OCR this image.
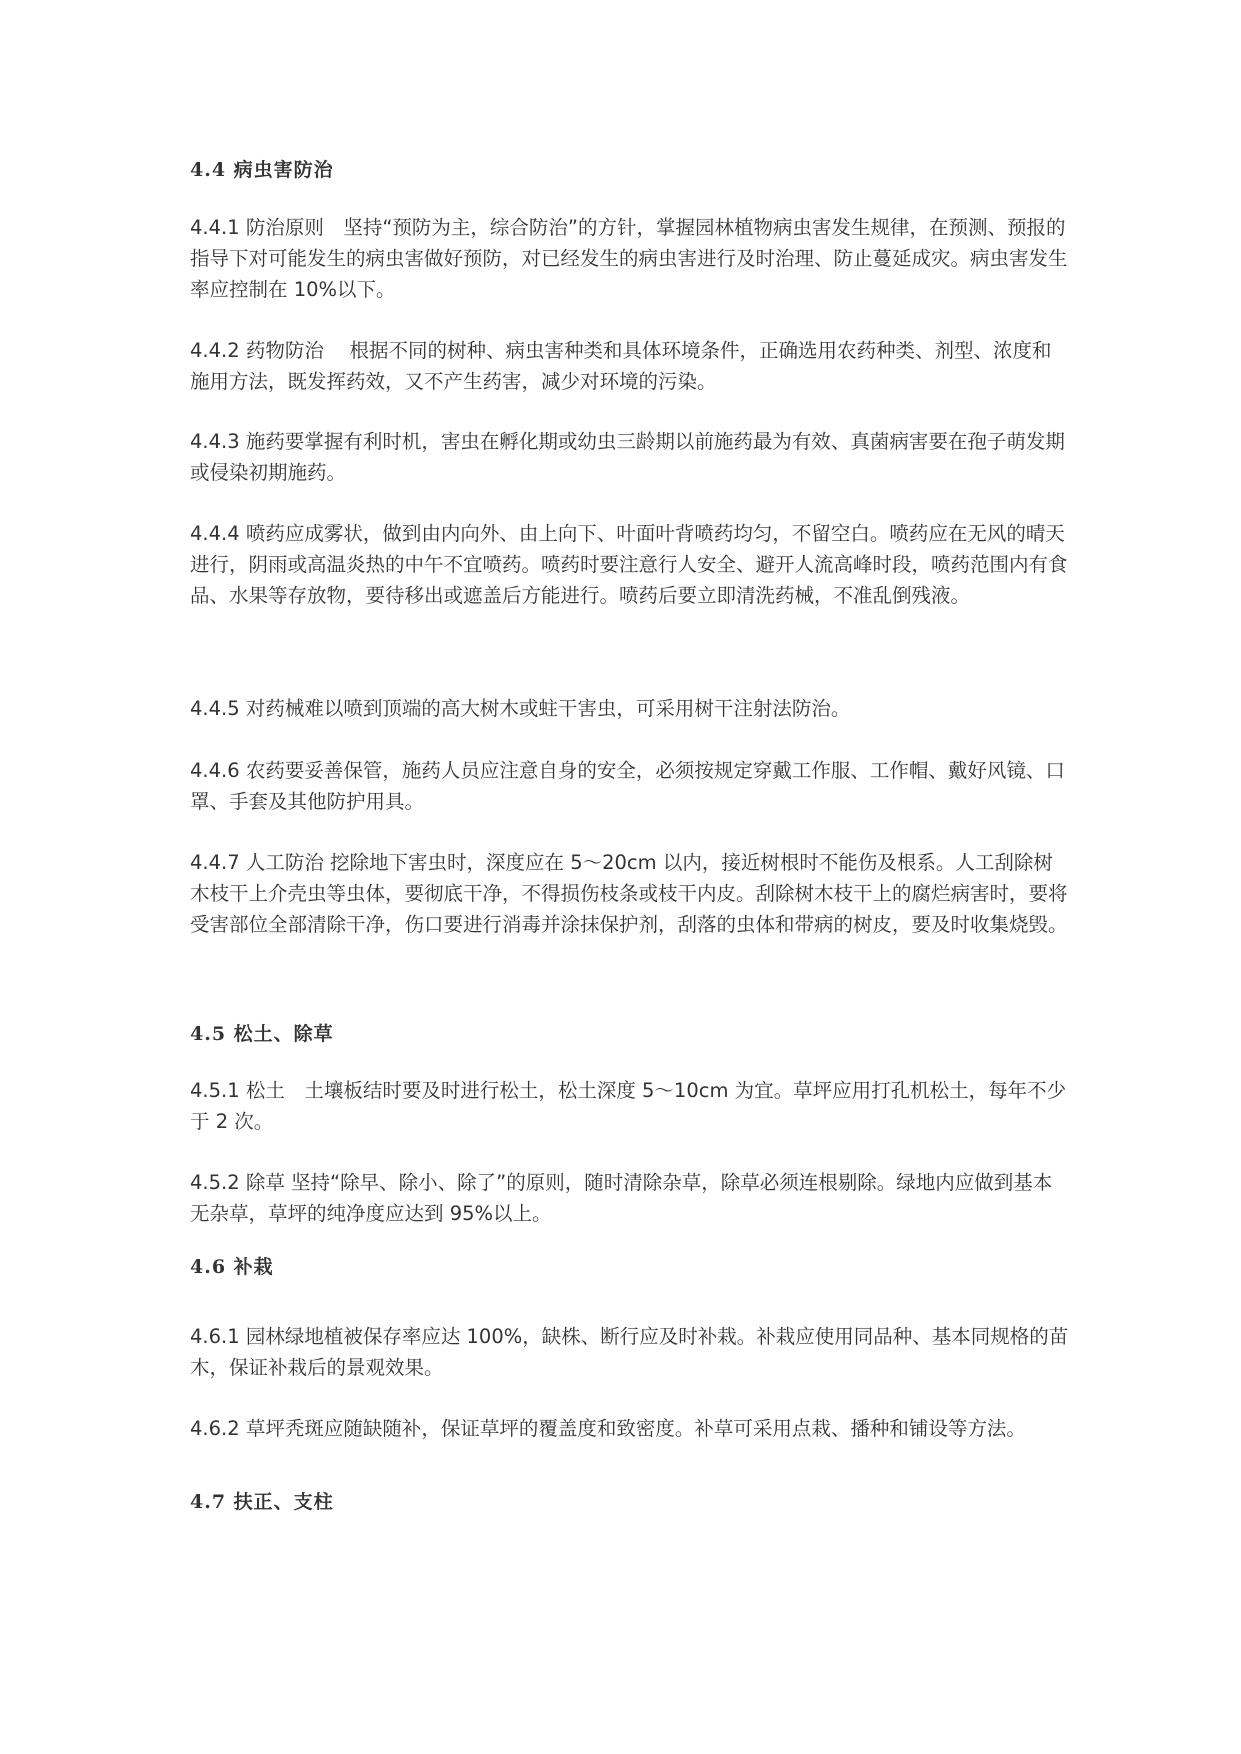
4.4 病虫害防治

4.4.1 防治原则　坚持“预防为主，综合防治”的方针，掌握园林植物病虫害发生规律，在预测、预报的指导下对可能发生的病虫害做好预防，对已经发生的病虫害进行及时治理、防止蔓延成灾。病虫害发生率应控制在 10%以下。

4.4.2 药物防治　 根据不同的树种、病虫害种类和具体环境条件，正确选用农药种类、剂型、浓度和施用方法，既发挥药效，又不产生药害，减少对环境的污染。

4.4.3 施药要掌握有利时机，害虫在孵化期或幼虫三龄期以前施药最为有效、真菌病害要在孢子萌发期或侵染初期施药。

4.4.4 喷药应成雾状，做到由内向外、由上向下、叶面叶背喷药均匀，不留空白。喷药应在无风的晴天进行，阴雨或高温炎热的中午不宜喷药。喷药时要注意行人安全、避开人流高峰时段，喷药范围内有食品、水果等存放物，要待移出或遮盖后方能进行。喷药后要立即清洗药械，不准乱倒残液。

4.4.5 对药械难以喷到顶端的高大树木或蛀干害虫，可采用树干注射法防治。

4.4.6 农药要妥善保管，施药人员应注意自身的安全，必须按规定穿戴工作服、工作帽、戴好风镜、口罩、手套及其他防护用具。

4.4.7 人工防治 挖除地下害虫时，深度应在 5～20cm 以内，接近树根时不能伤及根系。人工刮除树木枝干上介壳虫等虫体，要彻底干净，不得损伤枝条或枝干内皮。刮除树木枝干上的腐烂病害时，要将受害部位全部清除干净，伤口要进行消毒并涂抹保护剂，刮落的虫体和带病的树皮，要及时收集烧毁。

4.5 松土、除草

4.5.1 松土　土壤板结时要及时进行松土，松土深度 5～10cm 为宜。草坪应用打孔机松土，每年不少于 2 次。

4.5.2 除草 坚持“除早、除小、除了”的原则，随时清除杂草，除草必须连根剔除。绿地内应做到基本无杂草，草坪的纯净度应达到 95%以上。

4.6 补栽

4.6.1 园林绿地植被保存率应达 100%，缺株、断行应及时补栽。补栽应使用同品种、基本同规格的苗木，保证补栽后的景观效果。

4.6.2 草坪秃斑应随缺随补，保证草坪的覆盖度和致密度。补草可采用点栽、播种和铺设等方法。

4.7 扶正、支柱
